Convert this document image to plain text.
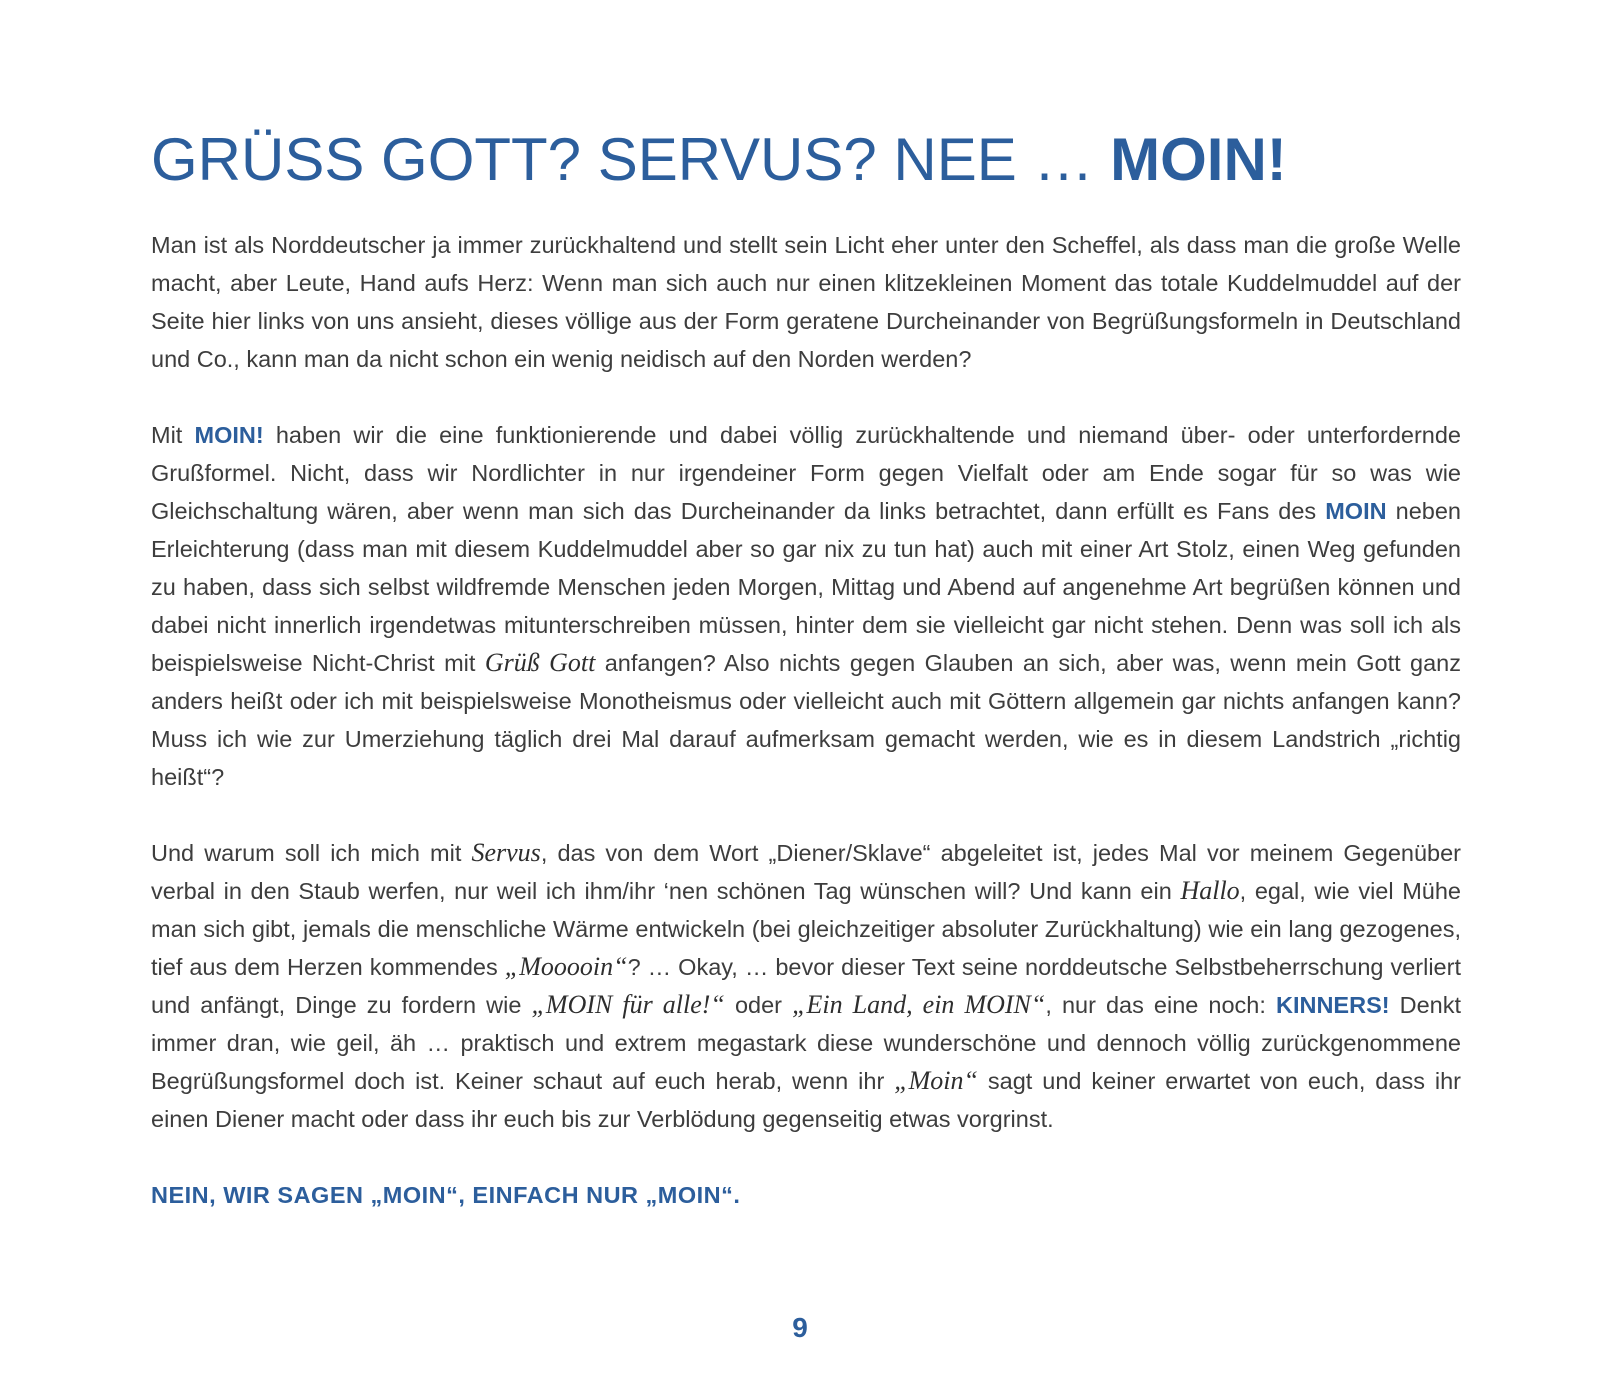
GRÜSS GOTT? SERVUS? NEE … MOIN!

Man ist als Norddeutscher ja immer zurückhaltend und stellt sein Licht eher unter den Scheffel, als dass man die große Welle macht, aber Leute, Hand aufs Herz: Wenn man sich auch nur einen klitzekleinen Moment das totale Kuddelmuddel auf der Seite hier links von uns ansieht, dieses völlige aus der Form geratene Durcheinander von Begrüßungsformeln in Deutschland und Co., kann man da nicht schon ein wenig neidisch auf den Norden werden?

Mit MOIN! haben wir die eine funktionierende und dabei völlig zurückhaltende und niemand über- oder unterfordernde Grußformel. Nicht, dass wir Nordlichter in nur irgendeiner Form gegen Vielfalt oder am Ende sogar für so was wie Gleichschaltung wären, aber wenn man sich das Durcheinander da links betrachtet, dann erfüllt es Fans des MOIN neben Erleichterung (dass man mit diesem Kuddelmuddel aber so gar nix zu tun hat) auch mit einer Art Stolz, einen Weg gefunden zu haben, dass sich selbst wildfremde Menschen jeden Morgen, Mittag und Abend auf angenehme Art begrüßen können und dabei nicht innerlich irgendetwas mitunterschreiben müssen, hinter dem sie vielleicht gar nicht stehen. Denn was soll ich als beispielsweise Nicht-Christ mit Grüß Gott anfangen? Also nichts gegen Glauben an sich, aber was, wenn mein Gott ganz anders heißt oder ich mit beispielsweise Monotheismus oder vielleicht auch mit Göttern allgemein gar nichts anfangen kann? Muss ich wie zur Umerziehung täglich drei Mal darauf aufmerksam gemacht werden, wie es in diesem Landstrich „richtig heißt“?

Und warum soll ich mich mit Servus, das von dem Wort „Diener/Sklave“ abgeleitet ist, jedes Mal vor meinem Gegenüber verbal in den Staub werfen, nur weil ich ihm/ihr ‘nen schönen Tag wünschen will? Und kann ein Hallo, egal, wie viel Mühe man sich gibt, jemals die menschliche Wärme entwickeln (bei gleichzeitiger absoluter Zurückhaltung) wie ein lang gezogenes, tief aus dem Herzen kommendes „Mooooin“? … Okay, … bevor dieser Text seine norddeutsche Selbstbeherrschung verliert und anfängt, Dinge zu fordern wie „MOIN für alle!“ oder „Ein Land, ein MOIN“, nur das eine noch: KINNERS! Denkt immer dran, wie geil, äh … praktisch und extrem megastark diese wunderschöne und dennoch völlig zurückgenommene Begrüßungsformel doch ist. Keiner schaut auf euch herab, wenn ihr „Moin“ sagt und keiner erwartet von euch, dass ihr einen Diener macht oder dass ihr euch bis zur Verblödung gegenseitig etwas vorgrinst.

NEIN, WIR SAGEN „MOIN“, EINFACH NUR „MOIN“.

9
